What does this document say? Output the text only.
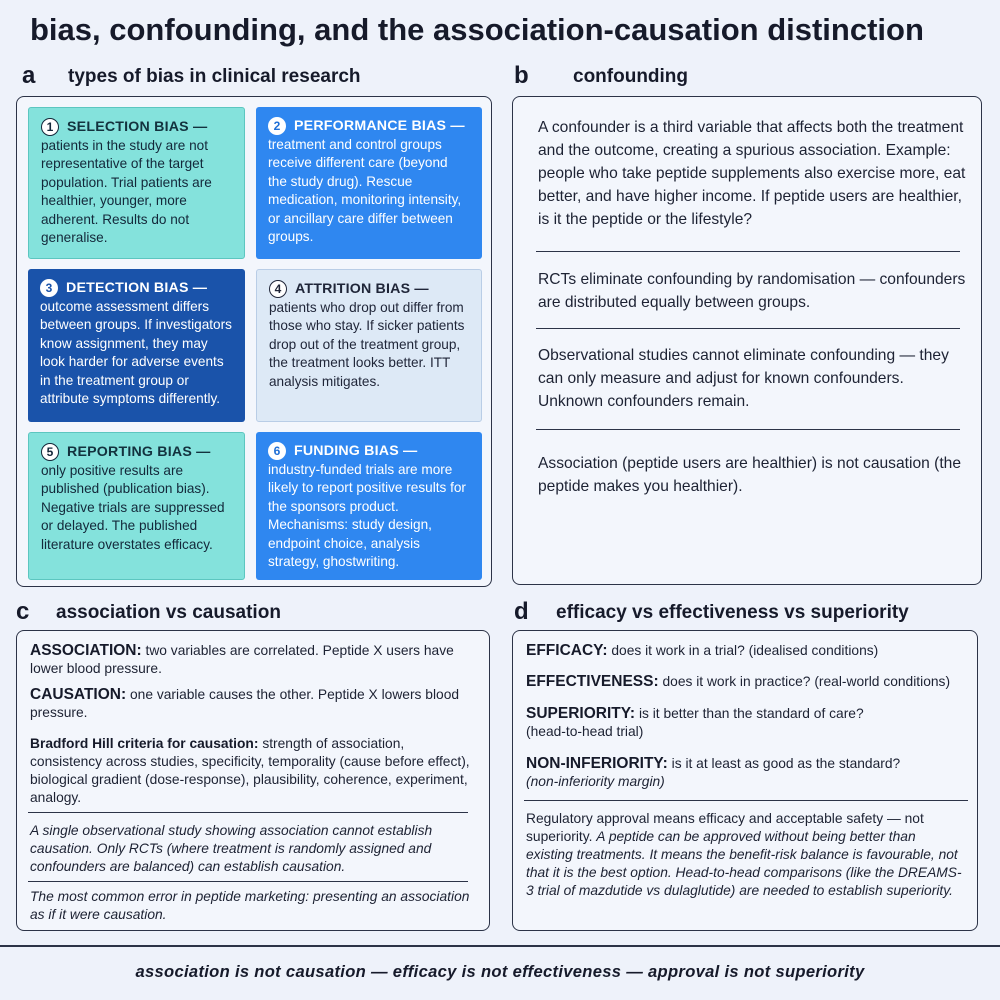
bias, confounding, and the association-causation distinction
a types of bias in clinical research
1 SELECTION BIAS —
patients in the study are not representative of the target population. Trial patients are healthier, younger, more adherent. Results do not generalise.
2 PERFORMANCE BIAS —
treatment and control groups receive different care (beyond the study drug). Rescue medication, monitoring intensity, or ancillary care differ between groups.
3 DETECTION BIAS —
outcome assessment differs between groups. If investigators know assignment, they may look harder for adverse events in the treatment group or attribute symptoms differently.
4 ATTRITION BIAS —
patients who drop out differ from those who stay. If sicker patients drop out of the treatment group, the treatment looks better. ITT analysis mitigates.
5 REPORTING BIAS —
only positive results are published (publication bias). Negative trials are suppressed or delayed. The published literature overstates efficacy.
6 FUNDING BIAS —
industry-funded trials are more likely to report positive results for the sponsors product. Mechanisms: study design, endpoint choice, analysis strategy, ghostwriting.
b confounding
A confounder is a third variable that affects both the treatment and the outcome, creating a spurious association. Example: people who take peptide supplements also exercise more, eat better, and have higher income. If peptide users are healthier, is it the peptide or the lifestyle?
RCTs eliminate confounding by randomisation — confounders are distributed equally between groups.
Observational studies cannot eliminate confounding — they can only measure and adjust for known confounders. Unknown confounders remain.
Association (peptide users are healthier) is not causation (the peptide makes you healthier).
c association vs causation
ASSOCIATION: two variables are correlated. Peptide X users have lower blood pressure.
CAUSATION: one variable causes the other. Peptide X lowers blood pressure.
Bradford Hill criteria for causation: strength of association, consistency across studies, specificity, temporality (cause before effect), biological gradient (dose-response), plausibility, coherence, experiment, analogy.
A single observational study showing association cannot establish causation. Only RCTs (where treatment is randomly assigned and confounders are balanced) can establish causation.
The most common error in peptide marketing: presenting an association as if it were causation.
d efficacy vs effectiveness vs superiority
EFFICACY: does it work in a trial? (idealised conditions)
EFFECTIVENESS: does it work in practice? (real-world conditions)
SUPERIORITY: is it better than the standard of care?
(head-to-head trial)
NON-INFERIORITY: is it at least as good as the standard?
(non-inferiority margin)
Regulatory approval means efficacy and acceptable safety — not superiority. A peptide can be approved without being better than existing treatments. It means the benefit-risk balance is favourable, not that it is the best option. Head-to-head comparisons (like the DREAMS-3 trial of mazdutide vs dulaglutide) are needed to establish superiority.
association is not causation — efficacy is not effectiveness — approval is not superiority
